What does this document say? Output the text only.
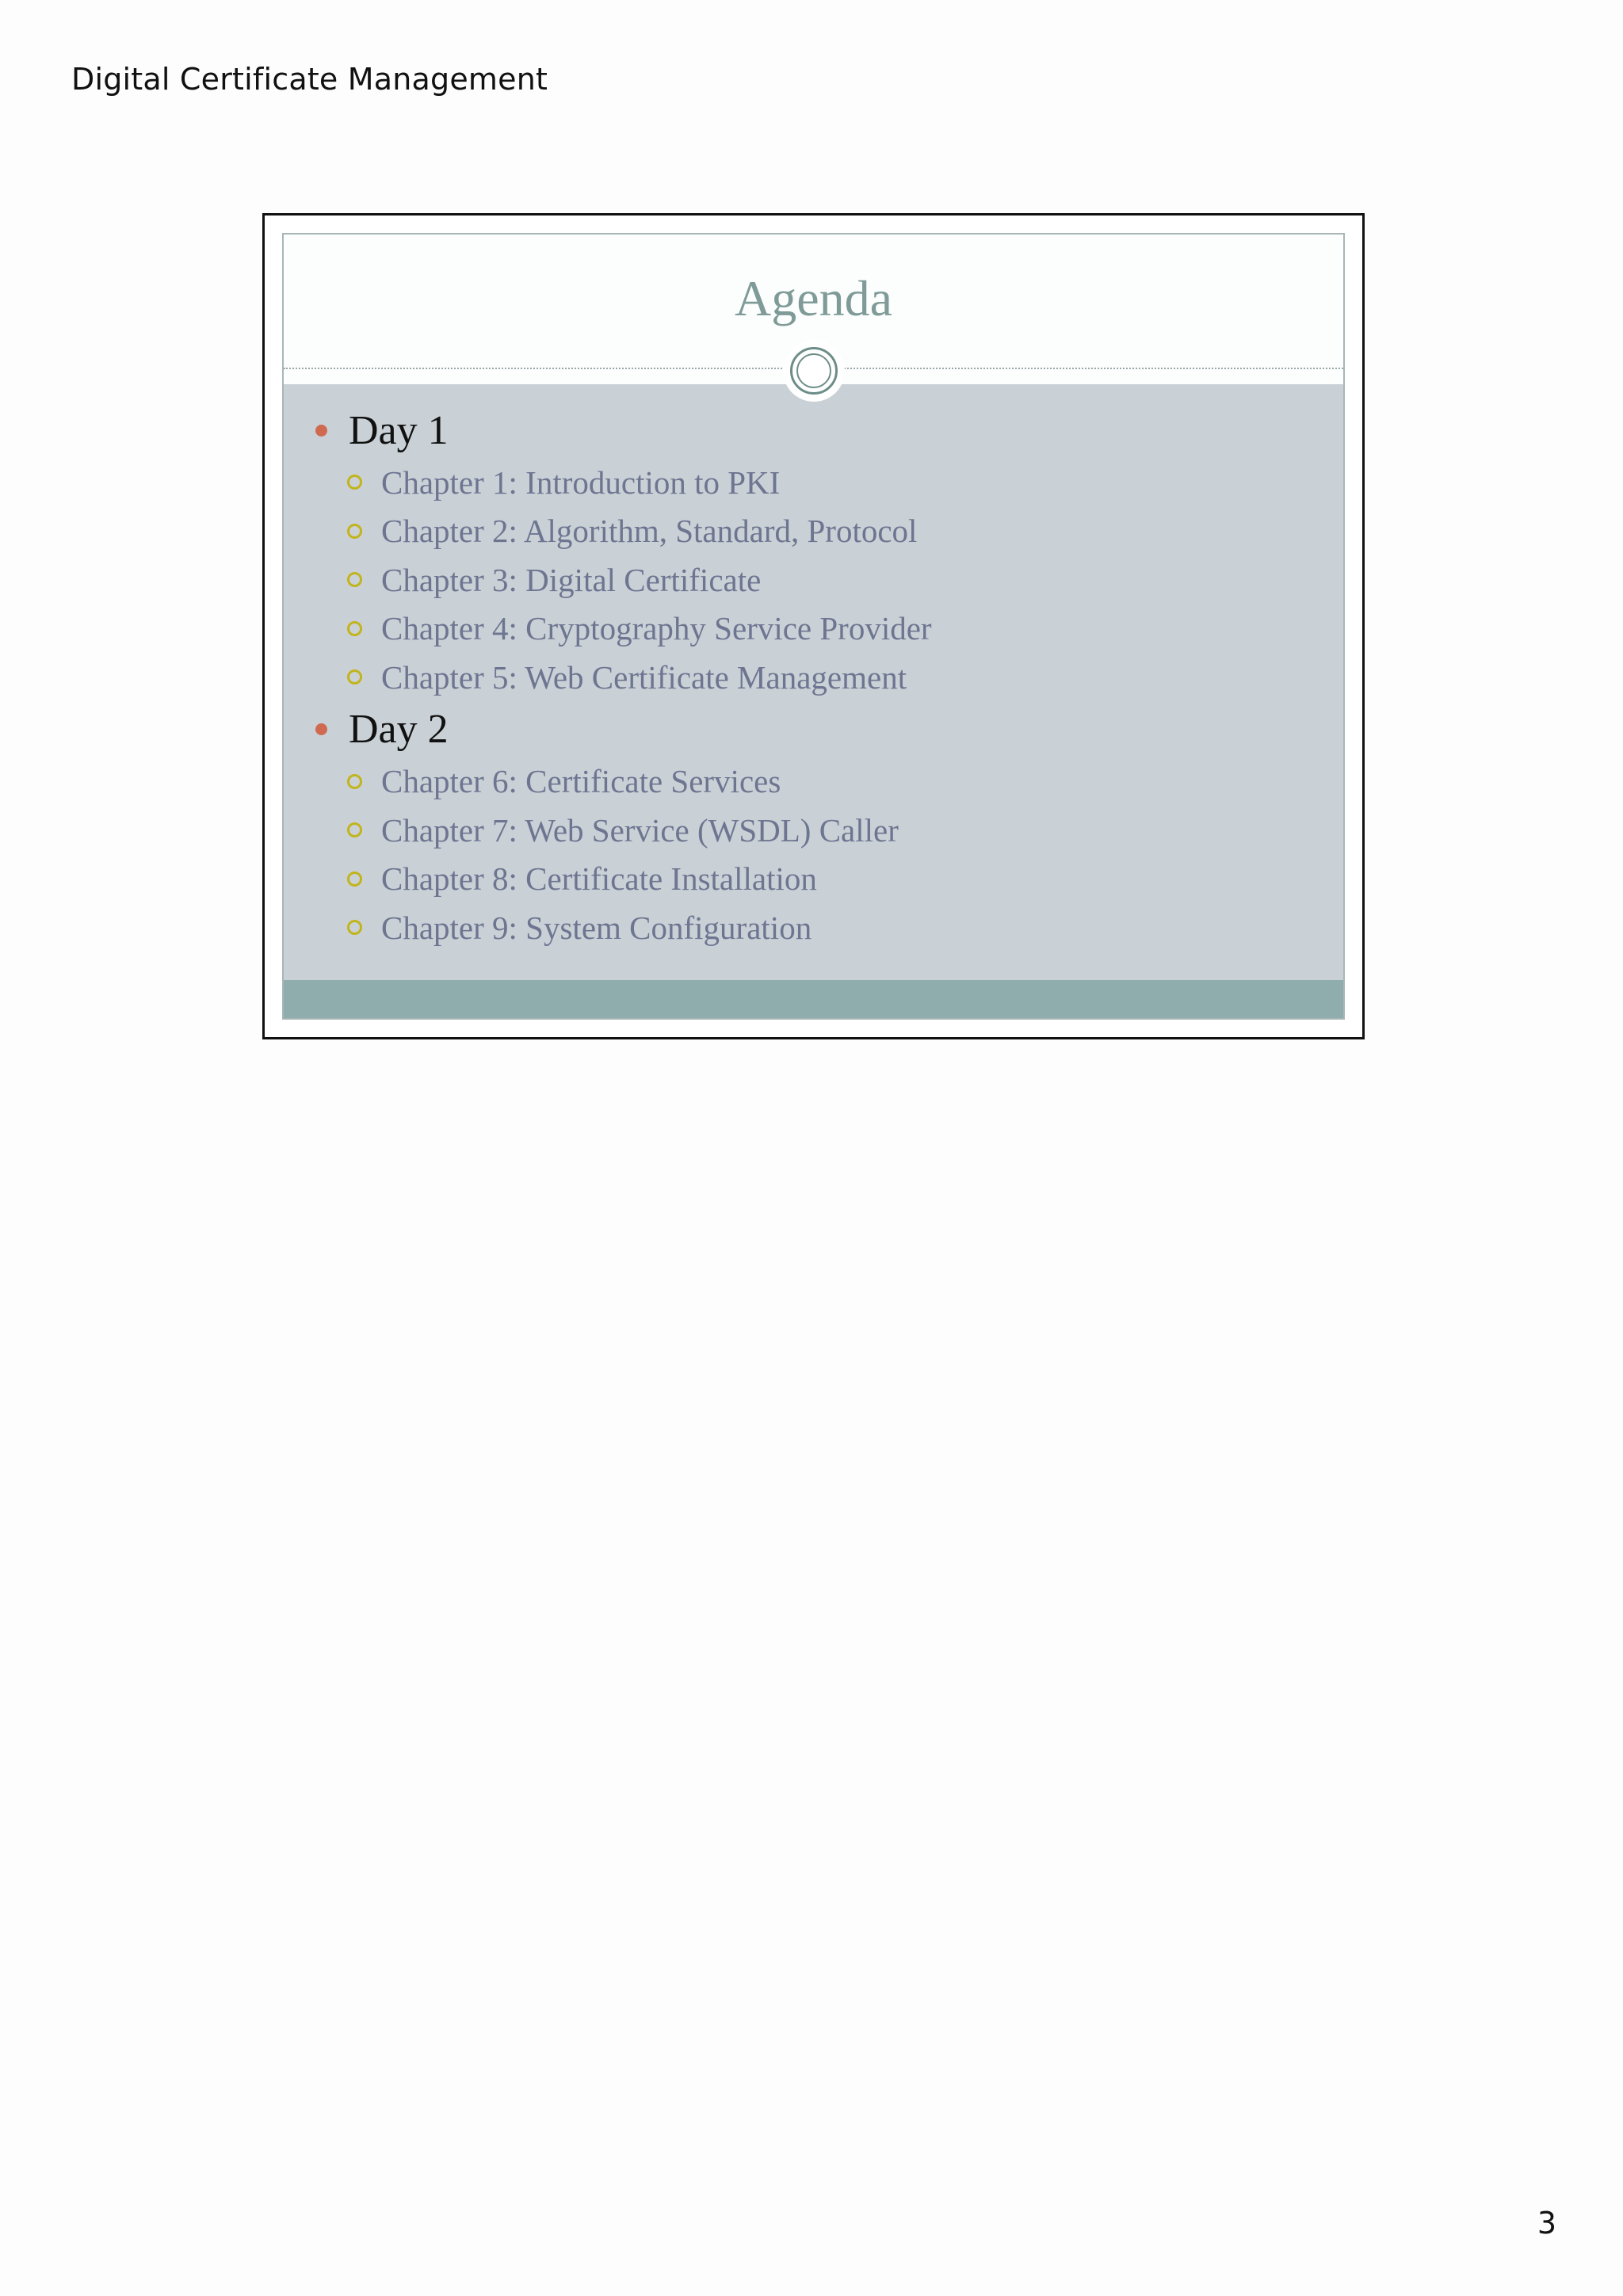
Digital Certificate Management
Agenda
Day 1
Chapter 1: Introduction to PKI
Chapter 2: Algorithm, Standard, Protocol
Chapter 3: Digital Certificate
Chapter 4: Cryptography Service Provider
Chapter 5: Web Certificate Management
Day 2
Chapter 6: Certificate Services
Chapter 7: Web Service (WSDL) Caller
Chapter 8: Certificate Installation
Chapter 9: System Configuration
3
